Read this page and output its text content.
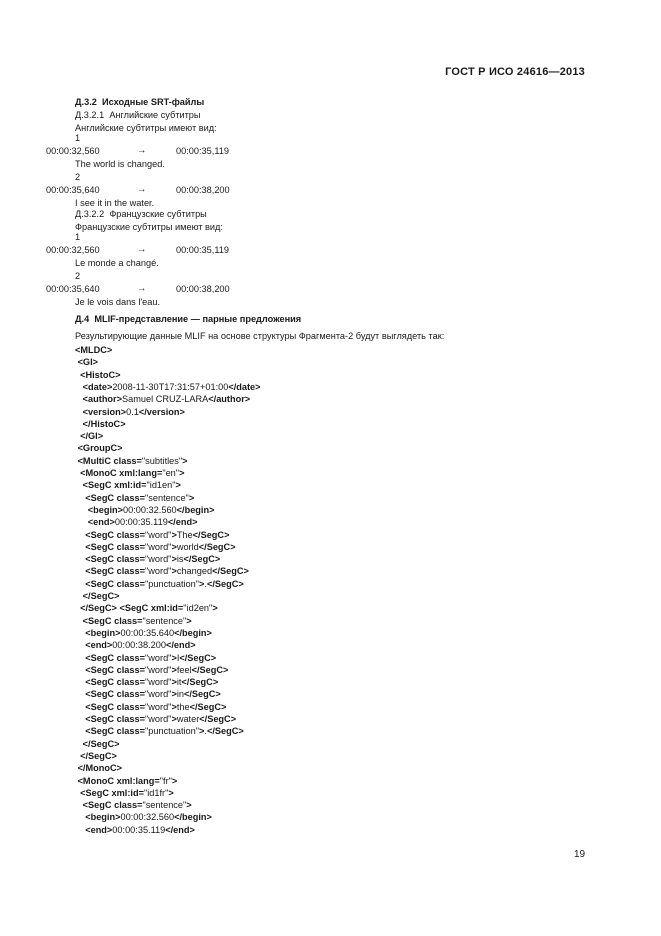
ГОСТ Р ИСО 24616—2013
Д.3.2  Исходные SRT-файлы
Д.3.2.1  Английские субтитры
Английские субтитры имеют вид:
1
00:00:32,560	→	00:00:35,119
The world is changed.
2
00:00:35,640	→	00:00:38,200
I see it in the water.
Д.3.2.2  Французские субтитры
Французские субтитры имеют вид:
1
00:00:32,560	→	00:00:35,119
Le monde a changé.
2
00:00:35,640	→	00:00:38,200
Je le vois dans l'eau.
Д.4  MLIF-представление — парные предложения
Результирующие данные MLIF на основе структуры Фрагмента-2 будут выглядеть так:
<MLDC>
<GI>
<HistoC>
<date>2008-11-30T17:31:57+01:00</date>
<author>Samuel CRUZ-LARA</author>
<version>0.1</version>
</HistoC>
</GI>
<GroupC>
<MultiC class="subtitles">
<MonoC xml:lang="en">
<SegC xml:id="id1en">
<SegC class="sentence">
<begin>00:00:32.560</begin>
<end>00:00:35.119</end>
<SegC class="word">The</SegC>
<SegC class="word">world</SegC>
<SegC class="word">is</SegC>
<SegC class="word">changed</SegC>
<SegC class="punctuation">.</SegC>
</SegC>
</SegC> <SegC xml:id="id2en">
<SegC class="sentence">
<begin>00:00:35.640</begin>
<end>00:00:38.200</end>
<SegC class="word">I</SegC>
<SegC class="word">feel</SegC>
<SegC class="word">it</SegC>
<SegC class="word">in</SegC>
<SegC class="word">the</SegC>
<SegC class="word">water</SegC>
<SegC class="punctuation">.</SegC>
</SegC>
</SegC>
</MonoC>
<MonoC xml:lang="fr">
<SegC xml:id="id1fr">
<SegC class="sentence">
<begin>00:00:32.560</begin>
<end>00:00:35.119</end>
19
